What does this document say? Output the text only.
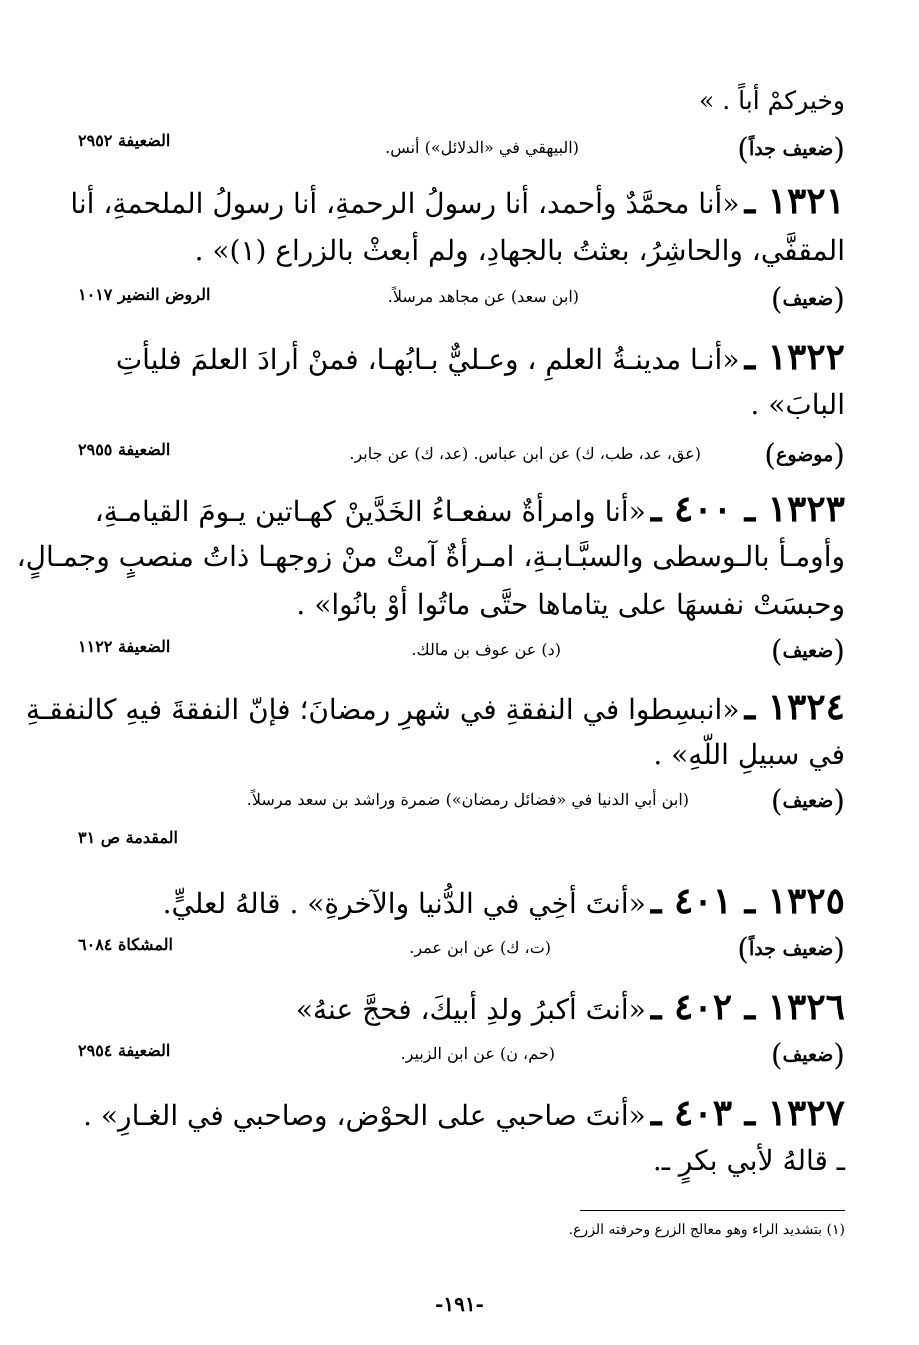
وخيركمْ أباً . »
(ضعيف جداً)
(البيهقي في «الدلائل») أنس.
الضعيفة ٢٩٥٢
١٣٢١ ـ «أنا محمَّدٌ وأحمد، أنا رسولُ الرحمةِ، أنا رسولُ الملحمةِ، أنا
المقفَّي، والحاشِرُ، بعثتُ بالجهادِ، ولم أبعثْ بالزراع (١)» .
(ضعيف)
(ابن سعد) عن مجاهد مرسلاً.
الروض النضير ١٠١٧
١٣٢٢ ـ «أنـا مدينـةُ العلمِ ، وعـليٌّ بـابُهـا، فمنْ أرادَ العلمَ فليأتِ
البابَ» .
(موضوع)
(عق، عد، طب، ك) عن ابن عباس. (عد، ك) عن جابر.
الضعيفة ٢٩٥٥
١٣٢٣ ـ ٤٠٠ ـ «أنا وامرأةٌ سفعـاءُ الخَدَّينْ كهـاتين يـومَ القيامـةِ،
وأومـأ بالـوسطى والسبَّـابـةِ، امـرأةٌ آمتْ منْ زوجهـا ذاتُ منصبٍ وجمـالٍ،
وحبسَتْ نفسهَا على يتاماها حتَّى ماتُوا أوْ بانُوا» .
(ضعيف)
(د) عن عوف بن مالك.
الضعيفة ١١٢٢
١٣٢٤ ـ «انبسِطوا في النفقةِ في شهرِ رمضانَ؛ فإنّ النفقةَ فيهِ كالنفقـةِ
في سبيلِ اللّهِ» .
(ضعيف)
(ابن أبي الدنيا في «فضائل رمضان») ضمرة وراشد بن سعد مرسلاً.
المقدمة ص ٣١
١٣٢٥ ـ ٤٠١ ـ «أنتَ أخِي في الدُّنيا والآخرةِ» . قالهُ لعليٍّ.
(ضعيف جداً)
(ت، ك) عن ابن عمر.
المشكاة ٦٠٨٤
١٣٢٦ ـ ٤٠٢ ـ «أنتَ أكبرُ ولدِ أبيكَ، فحجَّ عنهُ»
(ضعيف)
(حم، ن) عن ابن الزبير.
الضعيفة ٢٩٥٤
١٣٢٧ ـ ٤٠٣ ـ «أنتَ صاحبي على الحوْض، وصاحبي في الغـارِ» .
ـ قالهُ لأبي بكرٍ ـ.
(١) بتشديد الراء وهو معالج الزرع وحرفته الزرع.
-١٩١-
